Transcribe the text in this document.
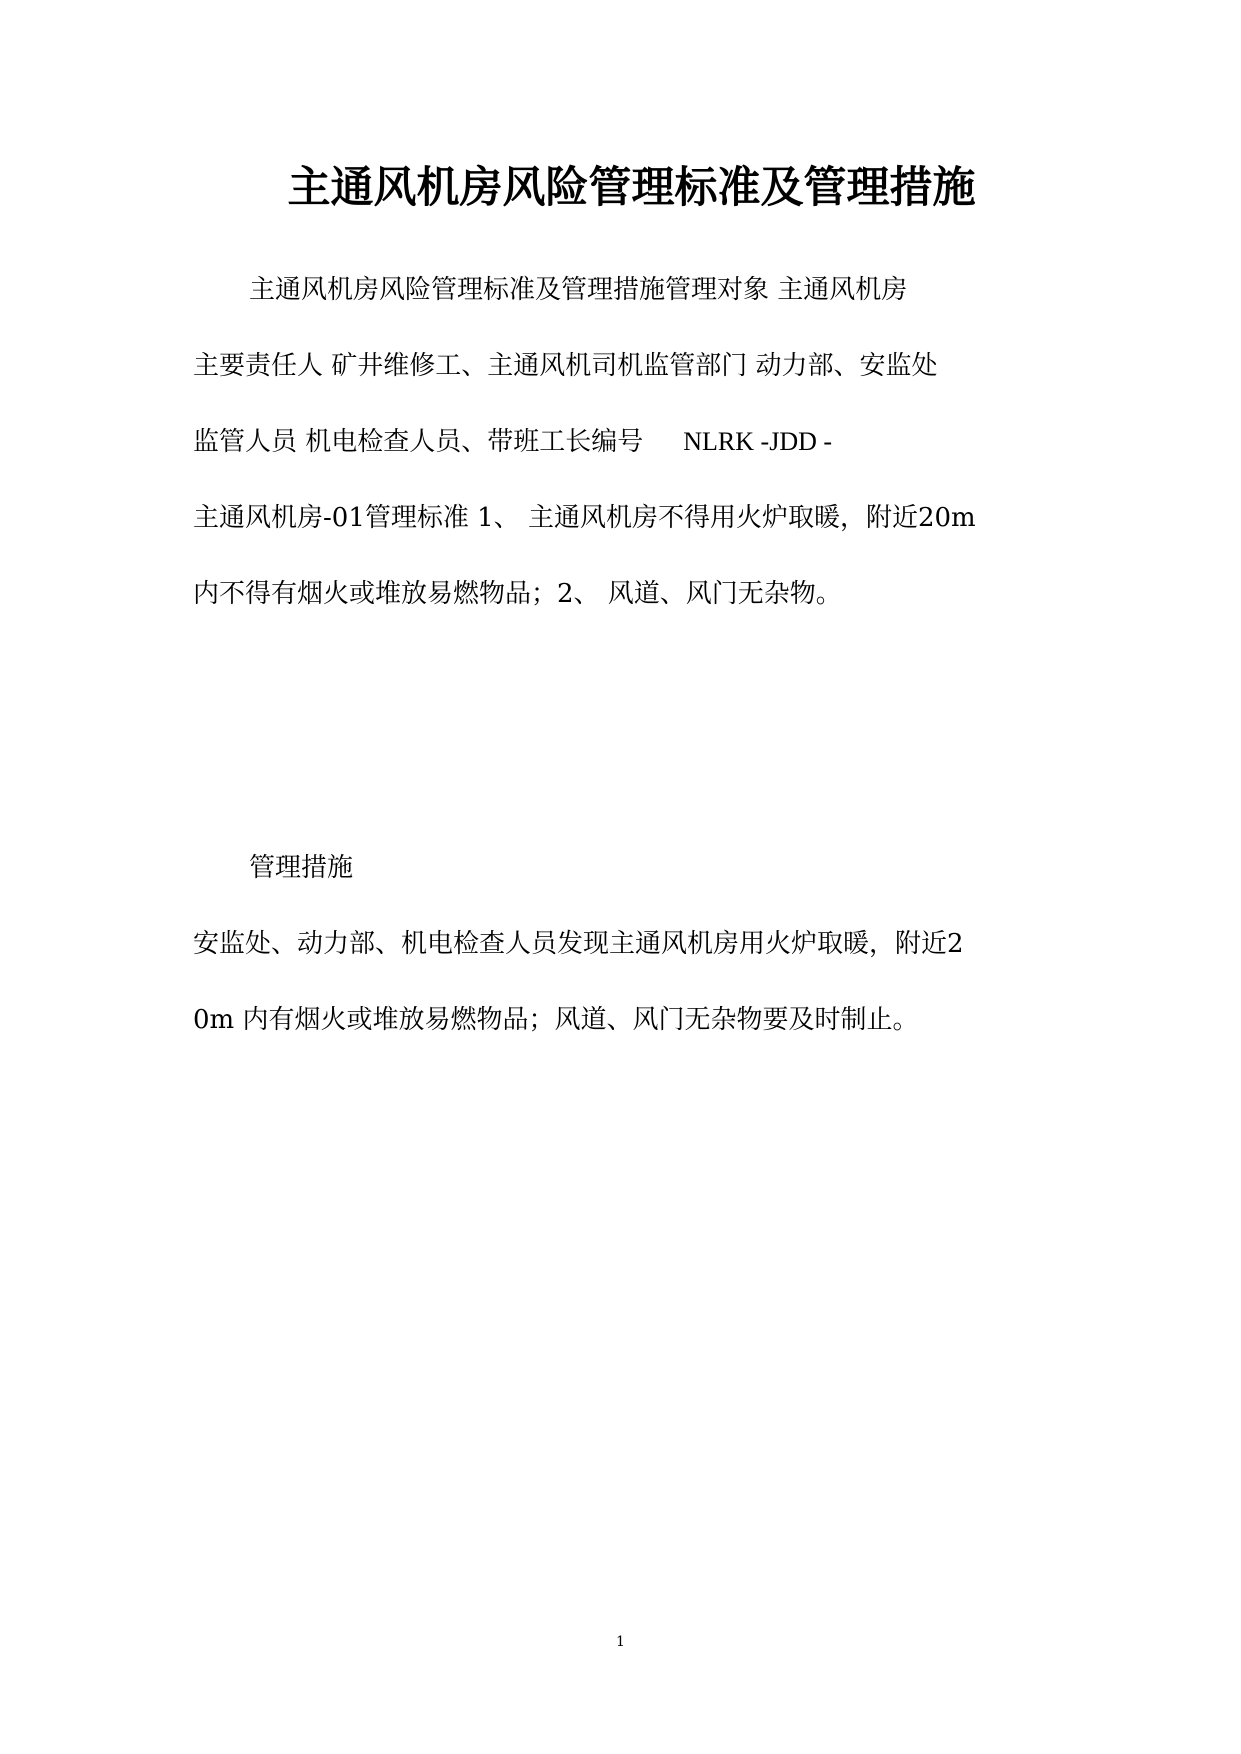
主通风机房风险管理标准及管理措施
主通风机房风险管理标准及管理措施管理对象 主通风机房
主要责任人 矿井维修工、主通风机司机监管部门 动力部、安监处
监管人员 机电检查人员、带班工长编号 NLRK -JDD -
主通风机房-01管理标准 1、 主通风机房不得用火炉取暖，附近20m
内不得有烟火或堆放易燃物品；2、 风道、风门无杂物。
管理措施
安监处、动力部、机电检查人员发现主通风机房用火炉取暖，附近2
0m 内有烟火或堆放易燃物品；风道、风门无杂物要及时制止。
1
